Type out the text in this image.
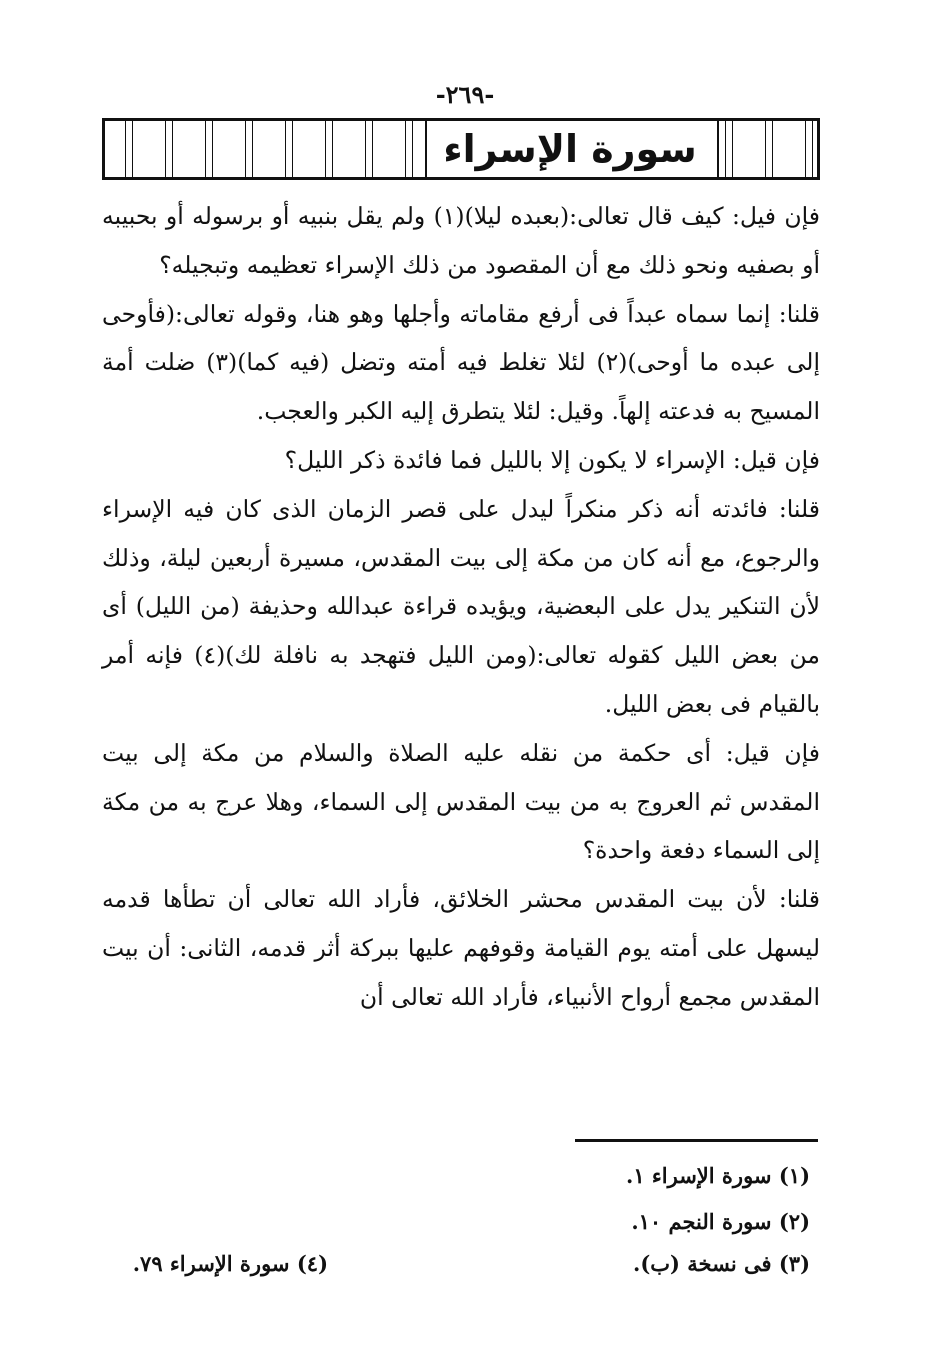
-٢٦٩-
سورة الإسراء

فإن فيل: كيف قال تعالى:(بعبده ليلا)(١) ولم يقل بنبيه أو برسوله أو بحبيبه أو بصفيه ونحو ذلك مع أن المقصود من ذلك الإسراء تعظيمه وتبجيله؟

قلنا: إنما سماه عبداً فى أرفع مقاماته وأجلها وهو هنا، وقوله تعالى:(فأوحى إلى عبده ما أوحى)(٢) لئلا تغلط فيه أمته وتضل (فيه كما)(٣) ضلت أمة المسيح به فدعته إلهاً. وقيل: لئلا يتطرق إليه الكبر والعجب.

فإن قيل: الإسراء لا يكون إلا بالليل فما فائدة ذكر الليل؟

قلنا: فائدته أنه ذكر منكراً ليدل على قصر الزمان الذى كان فيه الإسراء والرجوع، مع أنه كان من مكة إلى بيت المقدس، مسيرة أربعين ليلة، وذلك لأن التنكير يدل على البعضية، ويؤيده قراءة عبدالله وحذيفة (من الليل) أى من بعض الليل كقوله تعالى:(ومن الليل فتهجد به نافلة لك)(٤) فإنه أمر بالقيام فى بعض الليل.

فإن قيل: أى حكمة من نقله عليه الصلاة والسلام من مكة إلى بيت المقدس ثم العروج به من بيت المقدس إلى السماء، وهلا عرج به من مكة إلى السماء دفعة واحدة؟

قلنا: لأن بيت المقدس محشر الخلائق، فأراد الله تعالى أن تطأها قدمه ليسهل على أمته يوم القيامة وقوفهم عليها ببركة أثر قدمه، الثانى: أن بيت المقدس مجمع أرواح الأنبياء، فأراد الله تعالى أن

(١) سورة الإسراء ١.
(٢) سورة النجم ١٠.
(٣) فى نسخة (ب).
(٤) سورة الإسراء ٧٩.
